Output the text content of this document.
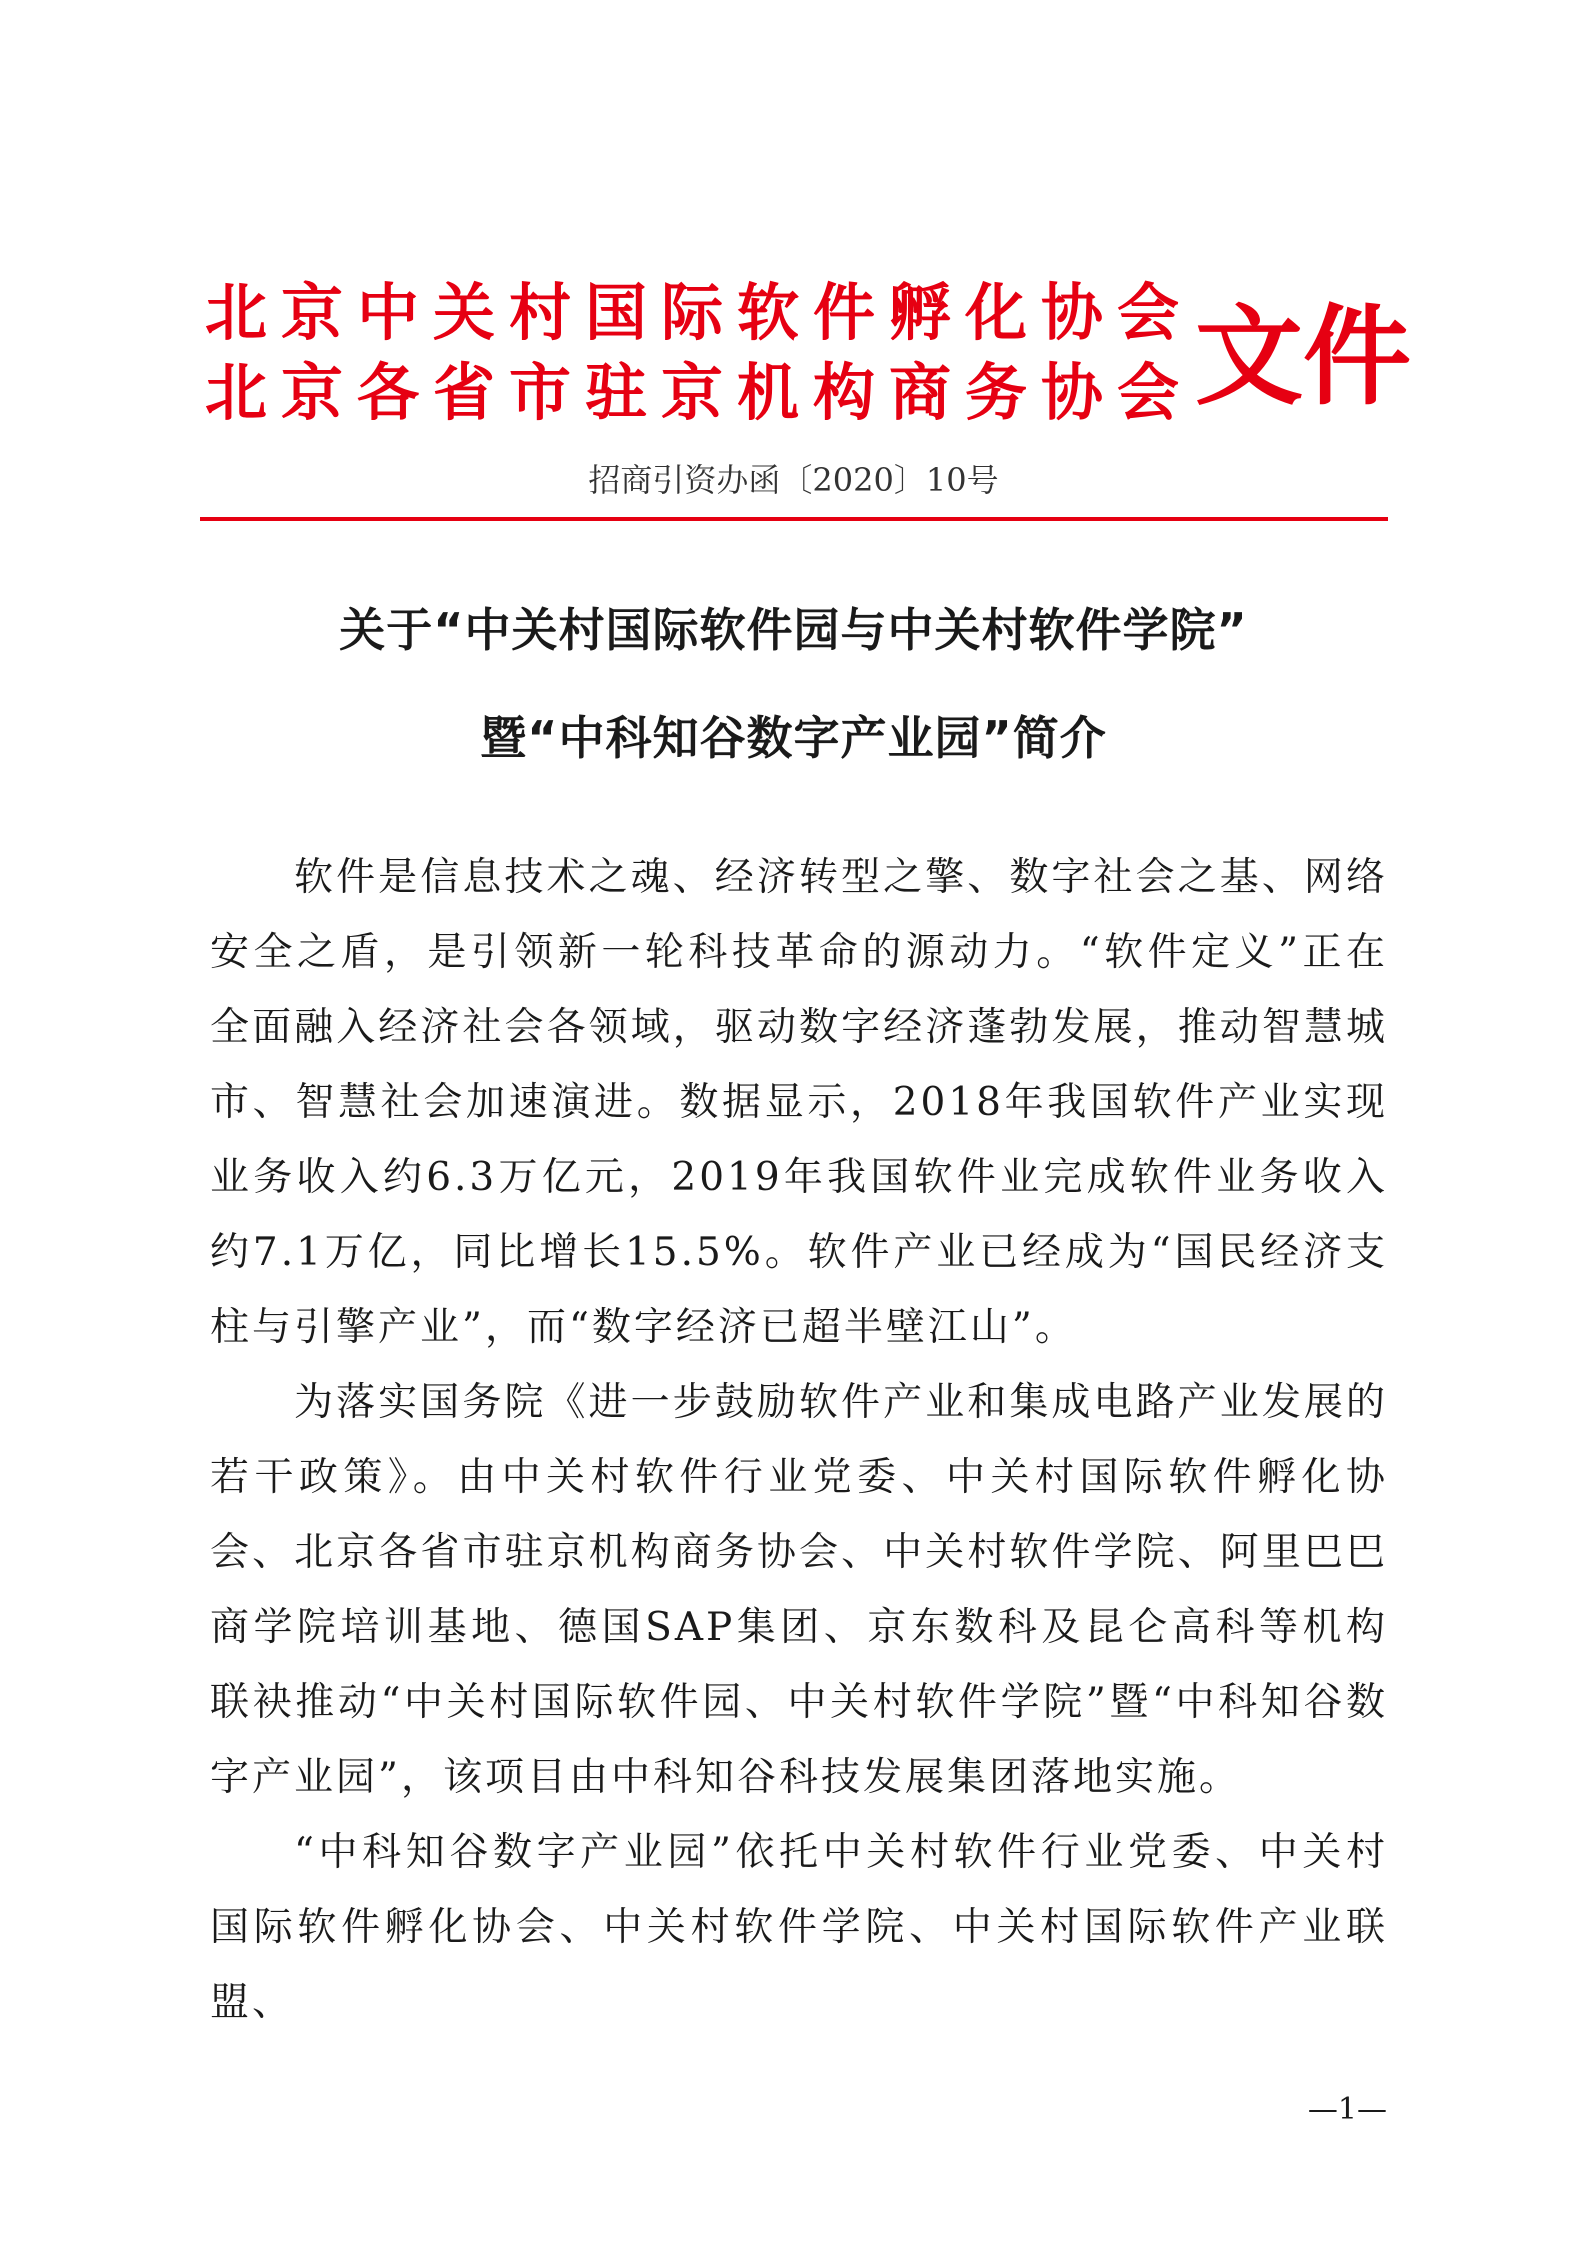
北京中关村国际软件孵化协会
北京各省市驻京机构商务协会 文件
招商引资办函〔2020〕10号
关于“中关村国际软件园与中关村软件学院”
暨“中科知谷数字产业园”简介

软件是信息技术之魂、经济转型之擎、数字社会之基、网络安全之盾，是引领新一轮科技革命的源动力。“软件定义”正在全面融入经济社会各领域，驱动数字经济蓬勃发展，推动智慧城市、智慧社会加速演进。数据显示，2018年我国软件产业实现业务收入约6.3万亿元，2019年我国软件业完成软件业务收入约7.1万亿，同比增长15.5%。软件产业已经成为“国民经济支柱与引擎产业”，而“数字经济已超半壁江山”。

为落实国务院《进一步鼓励软件产业和集成电路产业发展的若干政策》。由中关村软件行业党委、中关村国际软件孵化协会、北京各省市驻京机构商务协会、中关村软件学院、阿里巴巴商学院培训基地、德国SAP集团、京东数科及昆仑高科等机构联袂推动“中关村国际软件园、中关村软件学院”暨“中科知谷数字产业园”，该项目由中科知谷科技发展集团落地实施。

“中科知谷数字产业园”依托中关村软件行业党委、中关村国际软件孵化协会、中关村软件学院、中关村国际软件产业联盟、

—1—
